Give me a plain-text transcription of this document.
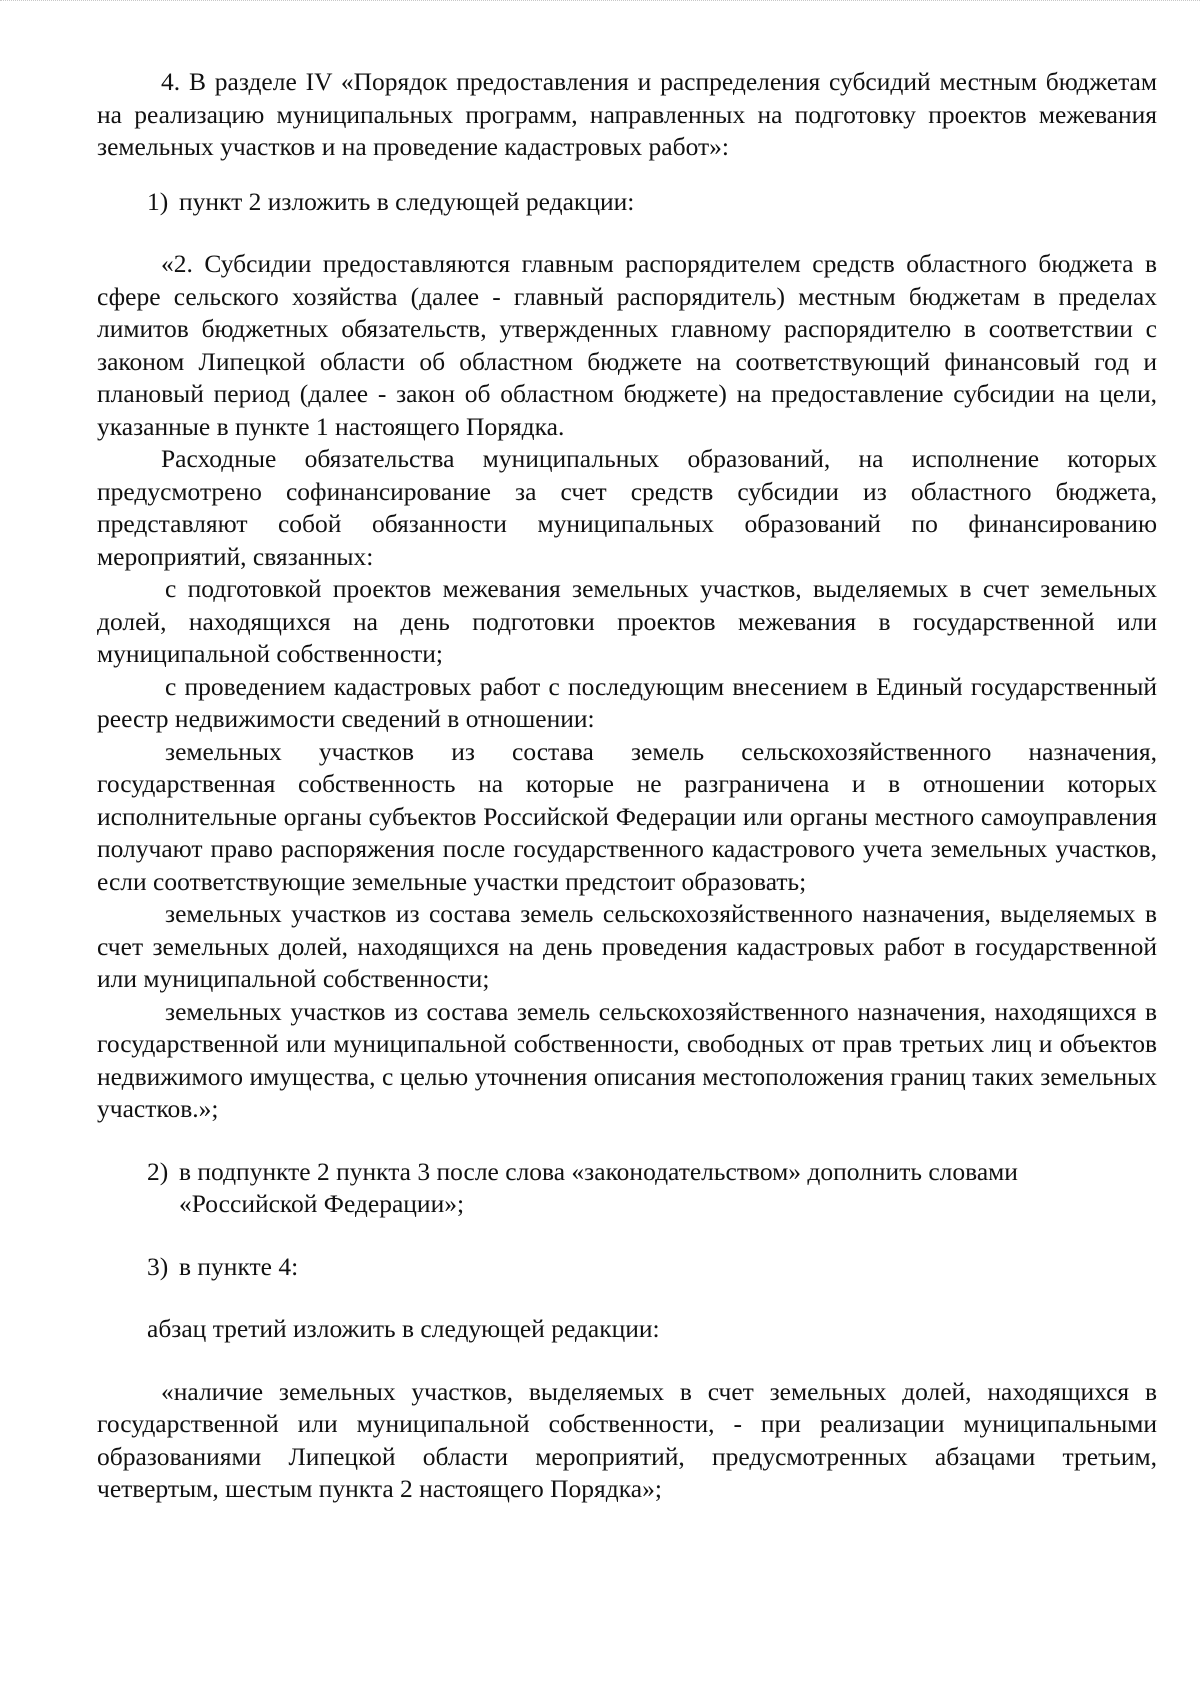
4. В разделе IV «Порядок предоставления и распределения субсидий местным бюджетам на реализацию муниципальных программ, направленных на подготовку проектов межевания земельных участков и на проведение кадастровых работ»:

1) пункт 2 изложить в следующей редакции:

«2. Субсидии предоставляются главным распорядителем средств областного бюджета в сфере сельского хозяйства (далее - главный распорядитель) местным бюджетам в пределах лимитов бюджетных обязательств, утвержденных главному распорядителю в соответствии с законом Липецкой области об областном бюджете на соответствующий финансовый год и плановый период (далее - закон об областном бюджете) на предоставление субсидии на цели, указанные в пункте 1 настоящего Порядка.

Расходные обязательства муниципальных образований, на исполнение которых предусмотрено софинансирование за счет средств субсидии из областного бюджета, представляют собой обязанности муниципальных образований по финансированию мероприятий, связанных:

с подготовкой проектов межевания земельных участков, выделяемых в счет земельных долей, находящихся на день подготовки проектов межевания в государственной или муниципальной собственности;

с проведением кадастровых работ с последующим внесением в Единый государственный реестр недвижимости сведений в отношении:

земельных участков из состава земель сельскохозяйственного назначения, государственная собственность на которые не разграничена и в отношении которых исполнительные органы субъектов Российской Федерации или органы местного самоуправления получают право распоряжения после государственного кадастрового учета земельных участков, если соответствующие земельные участки предстоит образовать;

земельных участков из состава земель сельскохозяйственного назначения, выделяемых в счет земельных долей, находящихся на день проведения кадастровых работ в государственной или муниципальной собственности;

земельных участков из состава земель сельскохозяйственного назначения, находящихся в государственной или муниципальной собственности, свободных от прав третьих лиц и объектов недвижимого имущества, с целью уточнения описания местоположения границ таких земельных участков.»;

2) в подпункте 2 пункта 3 после слова «законодательством» дополнить словами «Российской Федерации»;

3) в пункте 4:

абзац третий изложить в следующей редакции:

«наличие земельных участков, выделяемых в счет земельных долей, находящихся в государственной или муниципальной собственности, - при реализации муниципальными образованиями Липецкой области мероприятий, предусмотренных абзацами третьим, четвертым, шестым пункта 2 настоящего Порядка»;
